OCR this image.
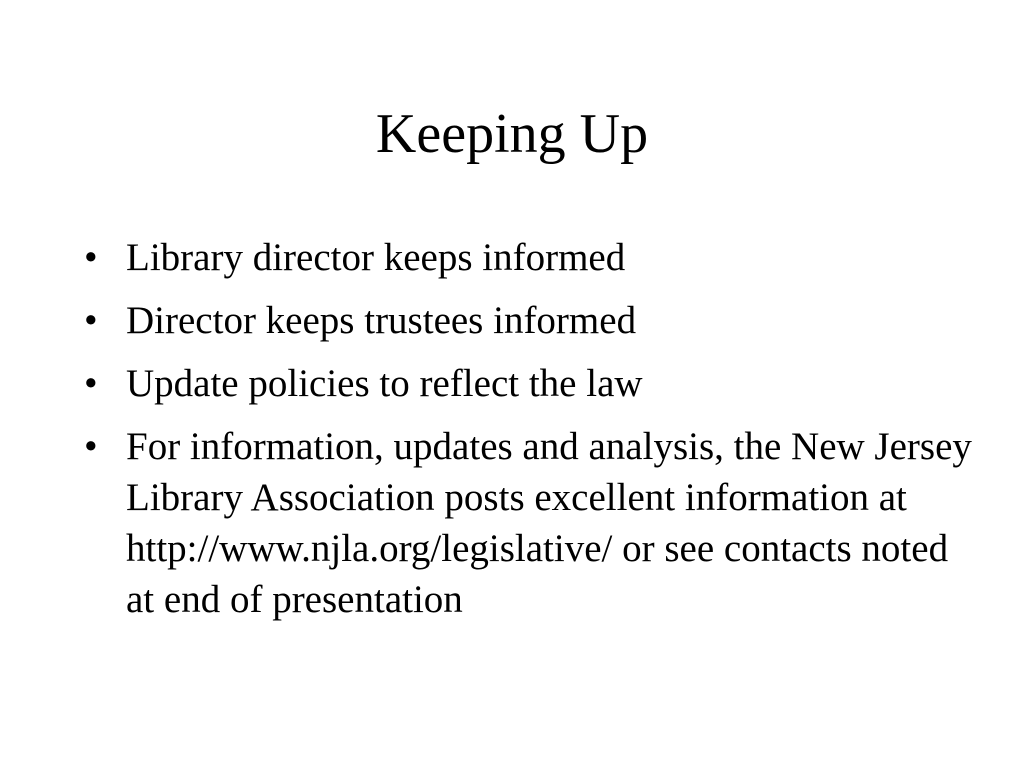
Keeping Up
• Library director keeps informed
• Director keeps trustees informed
• Update policies to reflect the law
• For information, updates and analysis, the New Jersey Library Association posts excellent information at http://www.njla.org/legislative/ or see contacts noted at end of presentation
